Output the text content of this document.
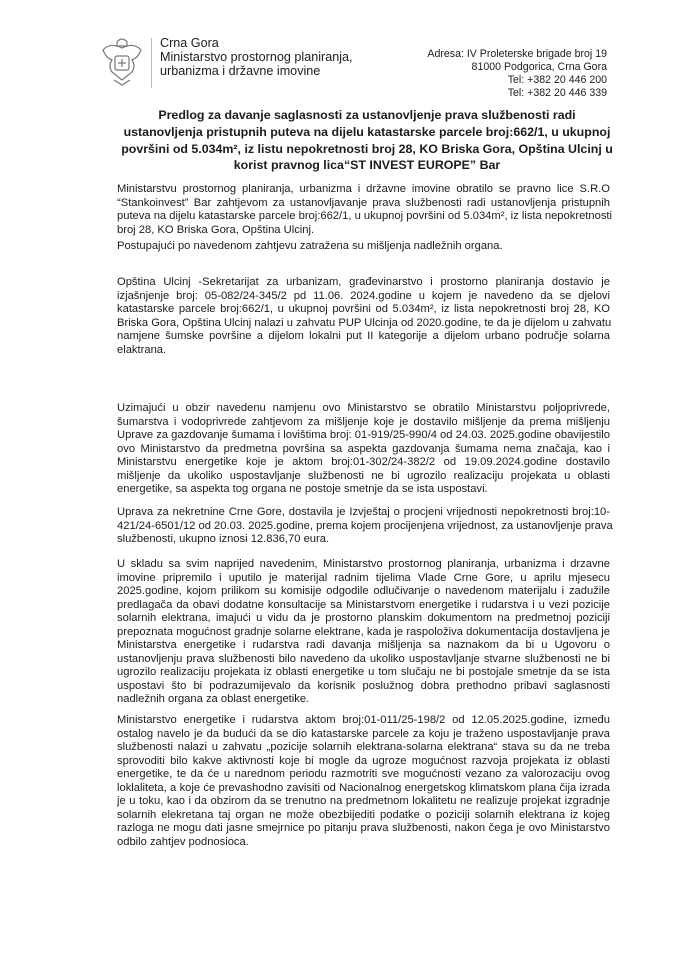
Crna Gora
Ministarstvo prostornog planiranja,
urbanizma i državne imovine
Adresa: IV Proleterske brigade broj 19
81000 Podgorica, Crna Gora
Tel: +382 20 446 200
Tel: +382 20 446 339
Predlog za davanje saglasnosti za ustanovljenje prava službenosti radi
ustanovljenja pristupnih puteva na dijelu katastarske parcele broj:662/1, u ukupnoj
površini od 5.034m², iz listu nepokretnosti broj 28, KO Briska Gora, Opština Ulcinj u
korist pravnog lica“ST INVEST EUROPE” Bar
Ministarstvu prostornog planiranja, urbanizma i državne imovine obratilo se pravno lice S.R.O
“Stankoinvest” Bar zahtjevom za ustanovljavanje prava službenosti radi ustanovljenja pristupnih
puteva na dijelu katastarske parcele broj:662/1, u ukupnoj površini od 5.034m², iz lista nepokretnosti
broj 28, KO Briska Gora, Opština Ulcinj.
Postupajući po navedenom zahtjevu zatražena su mišljenja nadležnih organa.
Opština Ulcinj -Sekretarijat za urbanizam, građevinarstvo i prostorno planiranja dostavio je
izjašnjenje broj: 05-082/24-345/2 pd 11.06. 2024.godine u kojem je navedeno da se djelovi
katastarske parcele broj:662/1, u ukupnoj površini od 5.034m², iz lista nepokretnosti broj 28, KO
Briska Gora, Opština Ulcinj nalazi u zahvatu PUP Ulcinja od 2020.godine, te da je dijelom u zahvatu
namjene šumske površine a dijelom lokalni put II kategorije a dijelom urbano područje solarna
elaktrana.
Uzimajući u obzir navedenu namjenu ovo Ministarstvo se obratilo Ministarstvu poljoprivrede,
šumarstva i vodoprivrede zahtjevom za mišljenje koje je dostavilo mišljenje da prema mišljenju
Uprave za gazdovanje šumama i lovištima broj: 01-919/25-990/4 od 24.03. 2025.godine obavijestilo
ovo Ministarstvo da predmetna površina sa aspekta gazdovanja šumama nema značaja, kao i
Ministarstvu energetike koje je aktom broj:01-302/24-382/2 od 19.09.2024.godine dostavilo
mišljenje da ukoliko uspostavljanje službenosti ne bi ugrozilo realizaciju projekata u oblasti
energetike, sa aspekta tog organa ne postoje smetnje da se ista uspostavi.
Uprava za nekretnine Crne Gore, dostavila je Izvještaj o procjeni vrijednosti nepokretnosti broj:10-
421/24-6501/12 od 20.03. 2025.godine, prema kojem procijenjena vrijednost, za ustanovljenje prava
službenosti, ukupno iznosi 12.836,70 eura.
U skladu sa svim naprijed navedenim, Ministarstvo prostornog planiranja, urbanizma i drzavne
imovine pripremilo i uputilo je materijal radnim tijelima Vlade Crne Gore, u aprilu mjesecu
2025.godine, kojom prilikom su komisije odgodile odlučivanje o navedenom materijalu i zadužile
predlagača da obavi dodatne konsultacije sa Ministarstvom energetike i rudarstva i u vezi pozicije
solarnih elektrana, imajući u vidu da je prostorno planskim dokumentom na predmetnoj poziciji
prepoznata mogućnost gradnje solarne elektrane, kada je raspoloživa dokumentacija dostavljena je
Ministarstva energetike i rudarstva radi davanja mišljenja sa naznakom da bi u Ugovoru o
ustanovljenju prava službenosti bilo navedeno da ukoliko uspostavljanje stvarne službenosti ne bi
ugrozilo realizaciju projekata iz oblasti energetike u tom slučaju ne bi postojale smetnje da se ista
uspostavi što bi podrazumijevalo da korisnik poslužnog dobra prethodno pribavi saglasnosti
nadležnih organa za oblast energetike.
Ministarstvo energetike i rudarstva aktom broj:01-011/25-198/2 od 12.05.2025.godine, između
ostalog navelo je da budući da se dio katastarske parcele za koju je traženo uspostavljanje prava
službenosti nalazi u zahvatu „pozicije solarnih elektrana-solarna elektrana“ stava su da ne treba
sprovoditi bilo kakve aktivnosti koje bi mogle da ugroze mogućnost razvoja projekata iz oblasti
energetike, te da će u narednom periodu razmotriti sve mogućnosti vezano za valorozaciju ovog
loklaliteta, a koje će prevashodno zavisiti od Nacionalnog energetskog klimatskom plana čija izrada
je u toku, kao i da obzirom da se trenutno na predmetnom lokalitetu ne realizuje projekat izgradnje
solarnih elekretana taj organ ne može obezbijediti podatke o poziciji solarnih elektrana iz kojeg
razloga ne mogu dati jasne smejrnice po pitanju prava službenosti, nakon čega je ovo Ministarstvo
odbilo zahtjev podnosioca.
